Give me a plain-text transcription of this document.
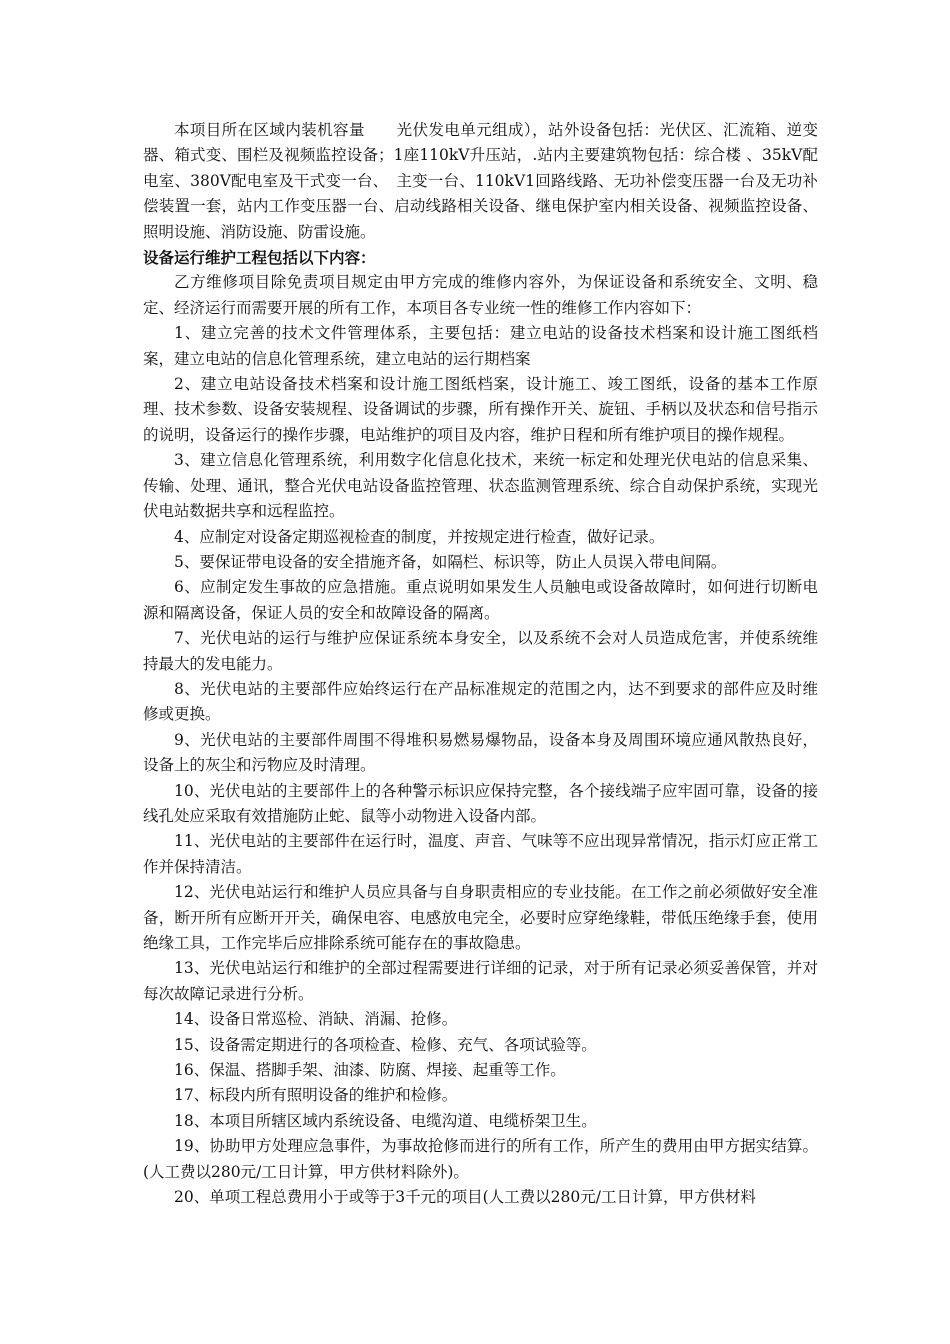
本项目所在区域内装机容量　　光伏发电单元组成），站外设备包括：光伏区、汇流箱、逆变器、箱式变、围栏及视频监控设备；1座110kV升压站，.站内主要建筑物包括：综合楼 、35kV配电室、380V配电室及干式变一台、　主变一台、110kV1回路线路、无功补偿变压器一台及无功补偿装置一套，站内工作变压器一台、启动线路相关设备、继电保护室内相关设备、视频监控设备、照明设施、消防设施、防雷设施。

设备运行维护工程包括以下内容：

乙方维修项目除免责项目规定由甲方完成的维修内容外，为保证设备和系统安全、文明、稳定、经济运行而需要开展的所有工作，本项目各专业统一性的维修工作内容如下：

1、建立完善的技术文件管理体系，主要包括：建立电站的设备技术档案和设计施工图纸档案，建立电站的信息化管理系统，建立电站的运行期档案

2、建立电站设备技术档案和设计施工图纸档案，设计施工、竣工图纸，设备的基本工作原理、技术参数、设备安装规程、设备调试的步骤，所有操作开关、旋钮、手柄以及状态和信号指示的说明，设备运行的操作步骤，电站维护的项目及内容，维护日程和所有维护项目的操作规程。

3、建立信息化管理系统，利用数字化信息化技术，来统一标定和处理光伏电站的信息采集、传输、处理、通讯，整合光伏电站设备监控管理、状态监测管理系统、综合自动保护系统，实现光伏电站数据共享和远程监控。

4、应制定对设备定期巡视检查的制度，并按规定进行检查，做好记录。

5、要保证带电设备的安全措施齐备，如隔栏、标识等，防止人员误入带电间隔。

6、应制定发生事故的应急措施。重点说明如果发生人员触电或设备故障时，如何进行切断电源和隔离设备，保证人员的安全和故障设备的隔离。

7、光伏电站的运行与维护应保证系统本身安全，以及系统不会对人员造成危害，并使系统维持最大的发电能力。

8、光伏电站的主要部件应始终运行在产品标准规定的范围之内，达不到要求的部件应及时维修或更换。

9、光伏电站的主要部件周围不得堆积易燃易爆物品，设备本身及周围环境应通风散热良好，设备上的灰尘和污物应及时清理。

10、光伏电站的主要部件上的各种警示标识应保持完整，各个接线端子应牢固可靠，设备的接线孔处应采取有效措施防止蛇、鼠等小动物进入设备内部。

11、光伏电站的主要部件在运行时，温度、声音、气味等不应出现异常情况，指示灯应正常工作并保持清洁。

12、光伏电站运行和维护人员应具备与自身职责相应的专业技能。在工作之前必须做好安全准备，断开所有应断开开关，确保电容、电感放电完全，必要时应穿绝缘鞋，带低压绝缘手套，使用绝缘工具，工作完毕后应排除系统可能存在的事故隐患。

13、光伏电站运行和维护的全部过程需要进行详细的记录，对于所有记录必须妥善保管，并对每次故障记录进行分析。

14、设备日常巡检、消缺、消漏、抢修。

15、设备需定期进行的各项检查、检修、充气、各项试验等。

16、保温、搭脚手架、油漆、防腐、焊接、起重等工作。

17、标段内所有照明设备的维护和检修。

18、本项目所辖区域内系统设备、电缆沟道、电缆桥架卫生。

19、协助甲方处理应急事件，为事故抢修而进行的所有工作，所产生的费用由甲方据实结算。(人工费以280元/工日计算，甲方供材料除外)。

20、单项工程总费用小于或等于3千元的项目(人工费以280元/工日计算，甲方供材料
